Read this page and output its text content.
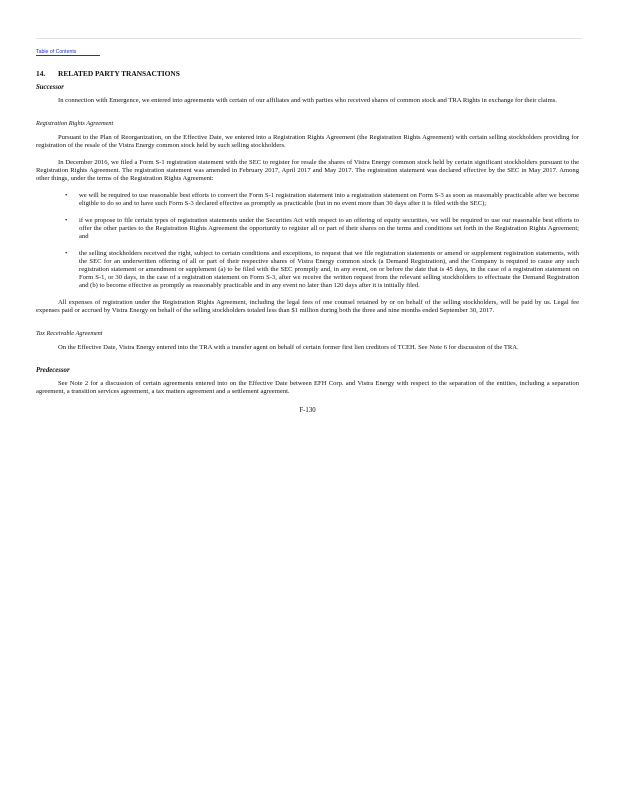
Table of Contents
14. RELATED PARTY TRANSACTIONS
Successor

In connection with Emergence, we entered into agreements with certain of our affiliates and with parties who received shares of common stock and TRA Rights in exchange for their claims.

Registration Rights Agreement

Pursuant to the Plan of Reorganization, on the Effective Date, we entered into a Registration Rights Agreement (the Registration Rights Agreement) with certain selling stockholders providing for registration of the resale of the Vistra Energy common stock held by such selling stockholders.

In December 2016, we filed a Form S-1 registration statement with the SEC to register for resale the shares of Vistra Energy common stock held by certain significant stockholders pursuant to the Registration Rights Agreement. The registration statement was amended in February 2017, April 2017 and May 2017. The registration statement was declared effective by the SEC in May 2017. Among other things, under the terms of the Registration Rights Agreement:

• we will be required to use reasonable best efforts to convert the Form S-1 registration statement into a registration statement on Form S-3 as soon as reasonably practicable after we become eligible to do so and to have such Form S-3 declared effective as promptly as practicable (but in no event more than 30 days after it is filed with the SEC);
• if we propose to file certain types of registration statements under the Securities Act with respect to an offering of equity securities, we will be required to use our reasonable best efforts to offer the other parties to the Registration Rights Agreement the opportunity to register all or part of their shares on the terms and conditions set forth in the Registration Rights Agreement; and
• the selling stockholders received the right, subject to certain conditions and exceptions, to request that we file registration statements or amend or supplement registration statements, with the SEC for an underwritten offering of all or part of their respective shares of Vistra Energy common stock (a Demand Registration), and the Company is required to cause any such registration statement or amendment or supplement (a) to be filed with the SEC promptly and, in any event, on or before the date that is 45 days, in the case of a registration statement on Form S-1, or 30 days, in the case of a registration statement on Form S-3, after we receive the written request from the relevant selling stockholders to effectuate the Demand Registration and (b) to become effective as promptly as reasonably practicable and in any event no later than 120 days after it is initially filed.

All expenses of registration under the Registration Rights Agreement, including the legal fees of one counsel retained by or on behalf of the selling stockholders, will be paid by us. Legal fee expenses paid or accrued by Vistra Energy on behalf of the selling stockholders totaled less than $1 million during both the three and nine months ended September 30, 2017.

Tax Receivable Agreement

On the Effective Date, Vistra Energy entered into the TRA with a transfer agent on behalf of certain former first lien creditors of TCEH. See Note 6 for discussion of the TRA.

Predecessor

See Note 2 for a discussion of certain agreements entered into on the Effective Date between EFH Corp. and Vistra Energy with respect to the separation of the entities, including a separation agreement, a transition services agreement, a tax matters agreement and a settlement agreement.

F-130
